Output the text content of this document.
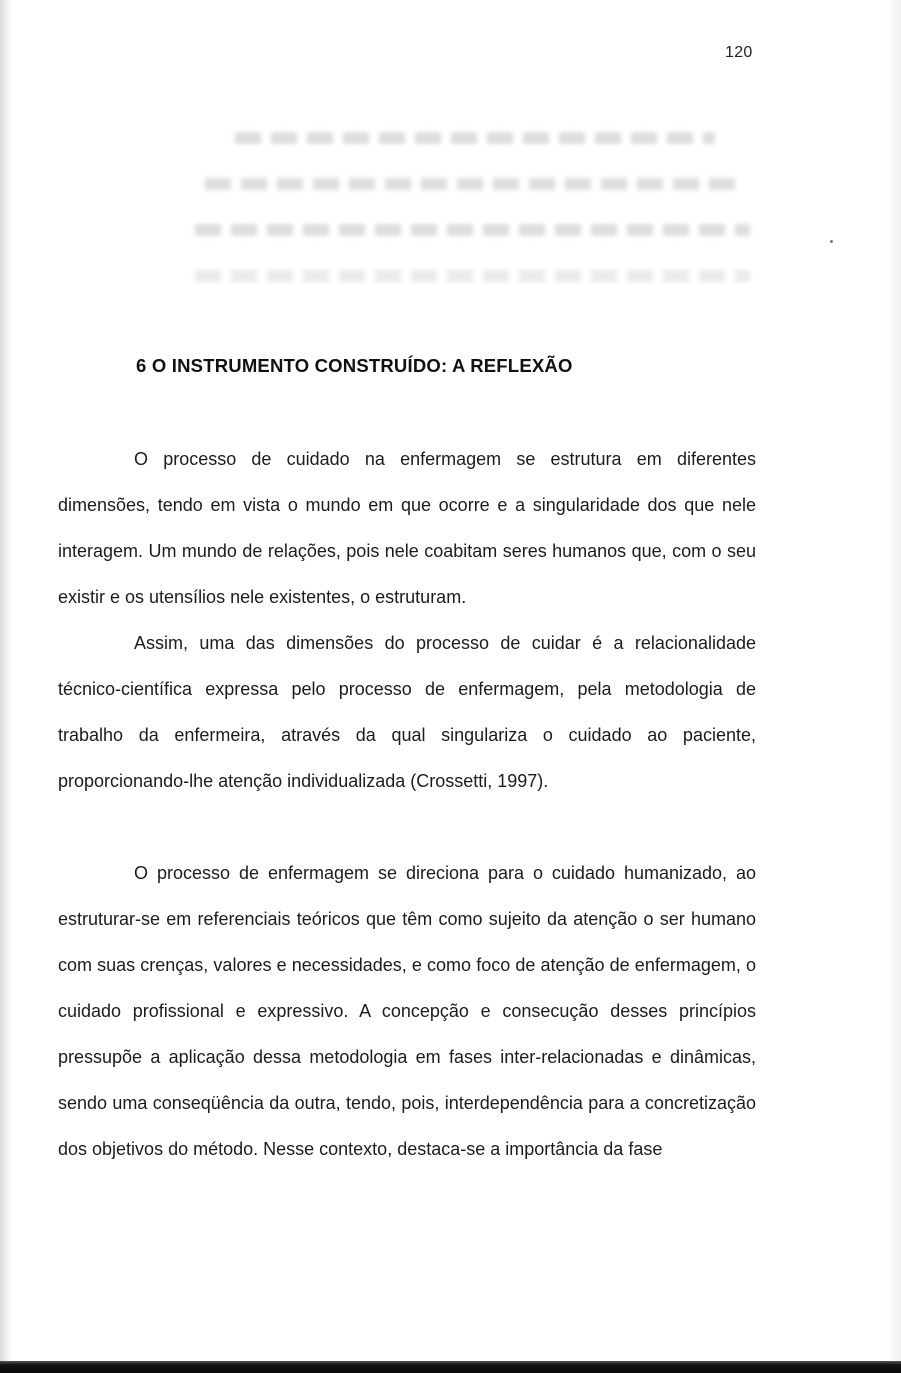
120
6 O INSTRUMENTO CONSTRUÍDO: A REFLEXÃO

O processo de cuidado na enfermagem se estrutura em diferentes dimensões, tendo em vista o mundo em que ocorre e a singularidade dos que nele interagem. Um mundo de relações, pois nele coabitam seres humanos que, com o seu existir e os utensílios nele existentes, o estruturam.

Assim, uma das dimensões do processo de cuidar é a relacionalidade técnico-científica expressa pelo processo de enfermagem, pela metodologia de trabalho da enfermeira, através da qual singulariza o cuidado ao paciente, proporcionando-lhe atenção individualizada (Crossetti, 1997).

O processo de enfermagem se direciona para o cuidado humanizado, ao estruturar-se em referenciais teóricos que têm como sujeito da atenção o ser humano com suas crenças, valores e necessidades, e como foco de atenção de enfermagem, o cuidado profissional e expressivo. A concepção e consecução desses princípios pressupõe a aplicação dessa metodologia em fases inter-relacionadas e dinâmicas, sendo uma conseqüência da outra, tendo, pois, interdependência para a concretização dos objetivos do método. Nesse contexto, destaca-se a importância da fase
